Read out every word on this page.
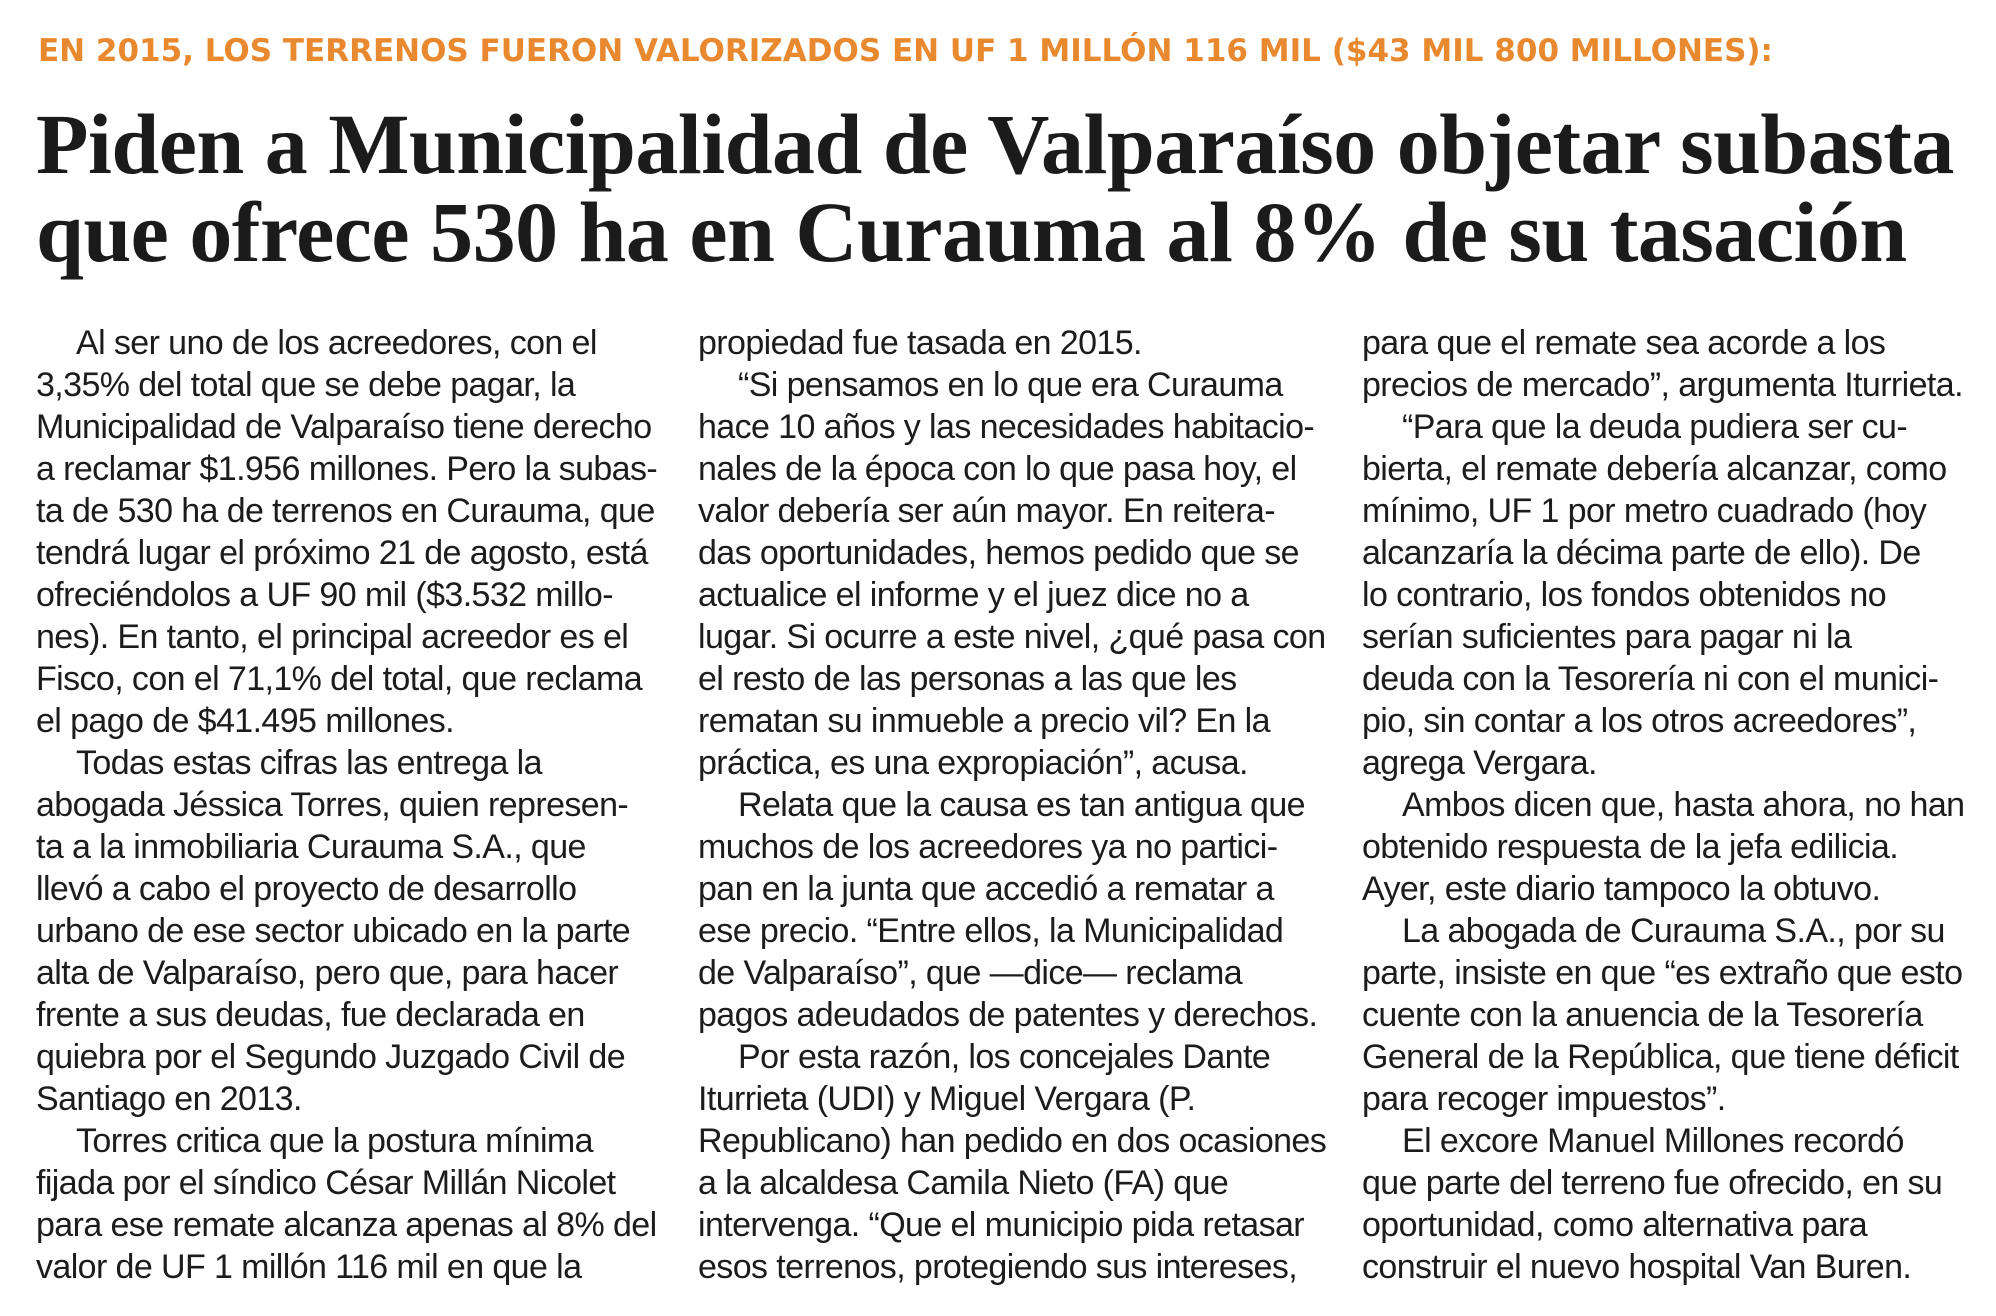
EN 2015, LOS TERRENOS FUERON VALORIZADOS EN UF 1 MILLÓN 116 MIL ($43 MIL 800 MILLONES):
Piden a Municipalidad de Valparaíso objetar subasta
que ofrece 530 ha en Curauma al 8% de su tasación
Al ser uno de los acreedores, con el
3,35% del total que se debe pagar, la
Municipalidad de Valparaíso tiene derecho
a reclamar $1.956 millones. Pero la subas-
ta de 530 ha de terrenos en Curauma, que
tendrá lugar el próximo 21 de agosto, está
ofreciéndolos a UF 90 mil ($3.532 millo-
nes). En tanto, el principal acreedor es el
Fisco, con el 71,1% del total, que reclama
el pago de $41.495 millones.
Todas estas cifras las entrega la
abogada Jéssica Torres, quien represen-
ta a la inmobiliaria Curauma S.A., que
llevó a cabo el proyecto de desarrollo
urbano de ese sector ubicado en la parte
alta de Valparaíso, pero que, para hacer
frente a sus deudas, fue declarada en
quiebra por el Segundo Juzgado Civil de
Santiago en 2013.
Torres critica que la postura mínima
fijada por el síndico César Millán Nicolet
para ese remate alcanza apenas al 8% del
valor de UF 1 millón 116 mil en que la
propiedad fue tasada en 2015.
“Si pensamos en lo que era Curauma
hace 10 años y las necesidades habitacio-
nales de la época con lo que pasa hoy, el
valor debería ser aún mayor. En reitera-
das oportunidades, hemos pedido que se
actualice el informe y el juez dice no a
lugar. Si ocurre a este nivel, ¿qué pasa con
el resto de las personas a las que les
rematan su inmueble a precio vil? En la
práctica, es una expropiación”, acusa.
Relata que la causa es tan antigua que
muchos de los acreedores ya no partici-
pan en la junta que accedió a rematar a
ese precio. “Entre ellos, la Municipalidad
de Valparaíso”, que —dice— reclama
pagos adeudados de patentes y derechos.
Por esta razón, los concejales Dante
Iturrieta (UDI) y Miguel Vergara (P.
Republicano) han pedido en dos ocasiones
a la alcaldesa Camila Nieto (FA) que
intervenga. “Que el municipio pida retasar
esos terrenos, protegiendo sus intereses,
para que el remate sea acorde a los
precios de mercado”, argumenta Iturrieta.
“Para que la deuda pudiera ser cu-
bierta, el remate debería alcanzar, como
mínimo, UF 1 por metro cuadrado (hoy
alcanzaría la décima parte de ello). De
lo contrario, los fondos obtenidos no
serían suficientes para pagar ni la
deuda con la Tesorería ni con el munici-
pio, sin contar a los otros acreedores”,
agrega Vergara.
Ambos dicen que, hasta ahora, no han
obtenido respuesta de la jefa edilicia.
Ayer, este diario tampoco la obtuvo.
La abogada de Curauma S.A., por su
parte, insiste en que “es extraño que esto
cuente con la anuencia de la Tesorería
General de la República, que tiene déficit
para recoger impuestos”.
El excore Manuel Millones recordó
que parte del terreno fue ofrecido, en su
oportunidad, como alternativa para
construir el nuevo hospital Van Buren.
